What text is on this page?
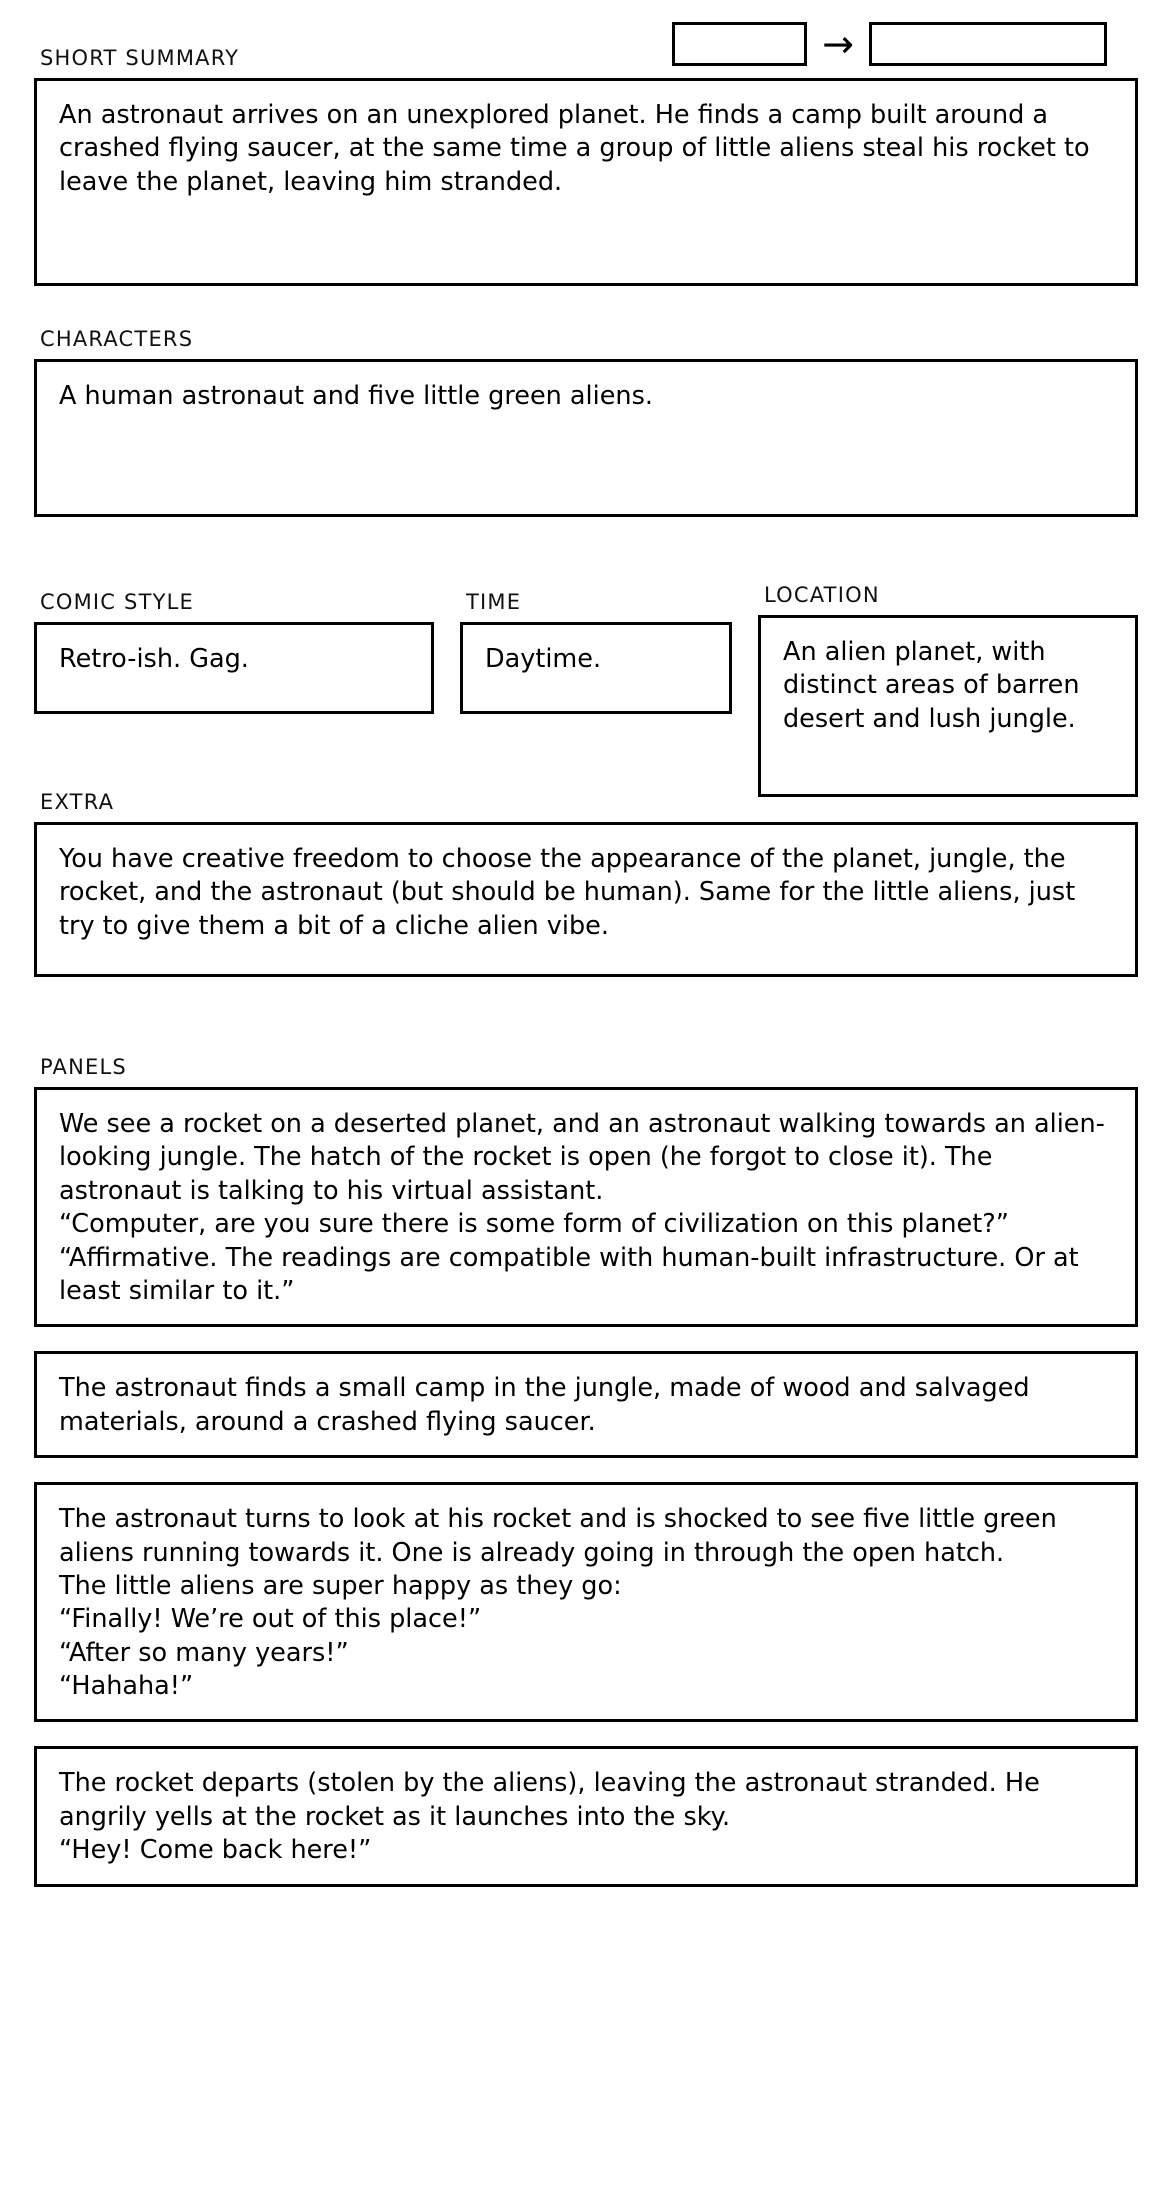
→
SHORT SUMMARY

An astronaut arrives on an unexplored planet. He finds a camp built around a crashed flying saucer, at the same time a group of little aliens steal his rocket to leave the planet, leaving him stranded.

CHARACTERS

A human astronaut and five little green aliens.

COMIC STYLE

Retro-ish. Gag.

TIME

Daytime.

LOCATION

An alien planet, with distinct areas of barren desert and lush jungle.

EXTRA

You have creative freedom to choose the appearance of the planet, jungle, the rocket, and the astronaut (but should be human). Same for the little aliens, just try to give them a bit of a cliche alien vibe.

PANELS

We see a rocket on a deserted planet, and an astronaut walking towards an alien-looking jungle. The hatch of the rocket is open (he forgot to close it). The astronaut is talking to his virtual assistant.

“Computer, are you sure there is some form of civilization on this planet?”

“Affirmative. The readings are compatible with human-built infrastructure. Or at least similar to it.”

The astronaut finds a small camp in the jungle, made of wood and salvaged materials, around a crashed flying saucer.

The astronaut turns to look at his rocket and is shocked to see five little green aliens running towards it. One is already going in through the open hatch.

The little aliens are super happy as they go:

“Finally! We’re out of this place!”

“After so many years!”

“Hahaha!”

The rocket departs (stolen by the aliens), leaving the astronaut stranded. He angrily yells at the rocket as it launches into the sky.

“Hey! Come back here!”
